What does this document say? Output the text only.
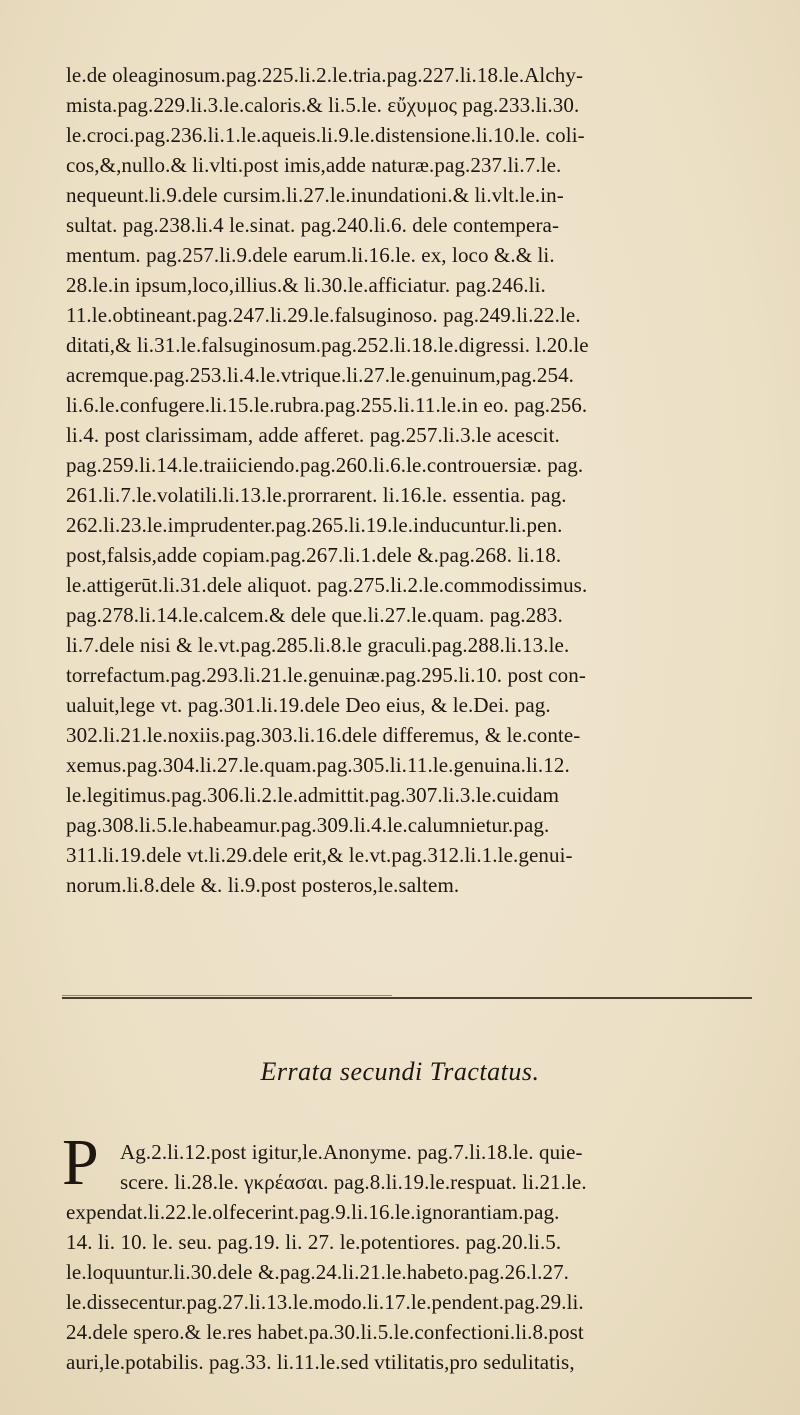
le.de oleaginosum.pag.225.li.2.le.tria.pag.227.li.18.le.Alchy-
mista.pag.229.li.3.le.caloris.& li.5.le. εὔχυμος pag.233.li.30.
le.croci.pag.236.li.1.le.aqueis.li.9.le.distensione.li.10.le. coli-
cos,&,nullo.& li.vlti.post imis,adde naturæ.pag.237.li.7.le.
nequeunt.li.9.dele cursim.li.27.le.inundationi.& li.vlt.le.in-
sultat. pag.238.li.4 le.sinat. pag.240.li.6. dele contempera-
mentum. pag.257.li.9.dele earum.li.16.le. ex, loco &.& li.
28.le.in ipsum,loco,illius.& li.30.le.afficiatur. pag.246.li.
11.le.obtineant.pag.247.li.29.le.falsuginoso. pag.249.li.22.le.
ditati,& li.31.le.falsuginosum.pag.252.li.18.le.digressi. l.20.le
acremque.pag.253.li.4.le.vtrique.li.27.le.genuinum,pag.254.
li.6.le.confugere.li.15.le.rubra.pag.255.li.11.le.in eo. pag.256.
li.4. post clarissimam, adde afferet. pag.257.li.3.le acescit.
pag.259.li.14.le.traiiciendo.pag.260.li.6.le.controuersiæ. pag.
261.li.7.le.volatili.li.13.le.prorrarent. li.16.le. essentia. pag.
262.li.23.le.imprudenter.pag.265.li.19.le.inducuntur.li.pen.
post,falsis,adde copiam.pag.267.li.1.dele &.pag.268. li.18.
le.attigerūt.li.31.dele aliquot. pag.275.li.2.le.commodissimus.
pag.278.li.14.le.calcem.& dele que.li.27.le.quam. pag.283.
li.7.dele nisi & le.vt.pag.285.li.8.le graculi.pag.288.li.13.le.
torrefactum.pag.293.li.21.le.genuinæ.pag.295.li.10. post con-
ualuit,lege vt. pag.301.li.19.dele Deo eius, & le.Dei. pag.
302.li.21.le.noxiis.pag.303.li.16.dele differemus, & le.conte-
xemus.pag.304.li.27.le.quam.pag.305.li.11.le.genuina.li.12.
le.legitimus.pag.306.li.2.le.admittit.pag.307.li.3.le.cuidam
pag.308.li.5.le.habeamur.pag.309.li.4.le.calumnietur.pag.
311.li.19.dele vt.li.29.dele erit,& le.vt.pag.312.li.1.le.genui-
norum.li.8.dele &. li.9.post posteros,le.saltem.
Errata secundi Tractatus.
P	Ag.2.li.12.post igitur,le.Anonyme. pag.7.li.18.le. quie-
scere. li.28.le. γκρέασαι. pag.8.li.19.le.respuat. li.21.le.
expendat.li.22.le.olfecerint.pag.9.li.16.le.ignorantiam.pag.
14. li. 10. le. seu. pag.19. li. 27. le.potentiores. pag.20.li.5.
le.loquuntur.li.30.dele &.pag.24.li.21.le.habeto.pag.26.l.27.
le.dissecentur.pag.27.li.13.le.modo.li.17.le.pendent.pag.29.li.
24.dele spero.& le.res habet.pa.30.li.5.le.confectioni.li.8.post
auri,le.potabilis. pag.33. li.11.le.sed vtilitatis,pro sedulitatis,
